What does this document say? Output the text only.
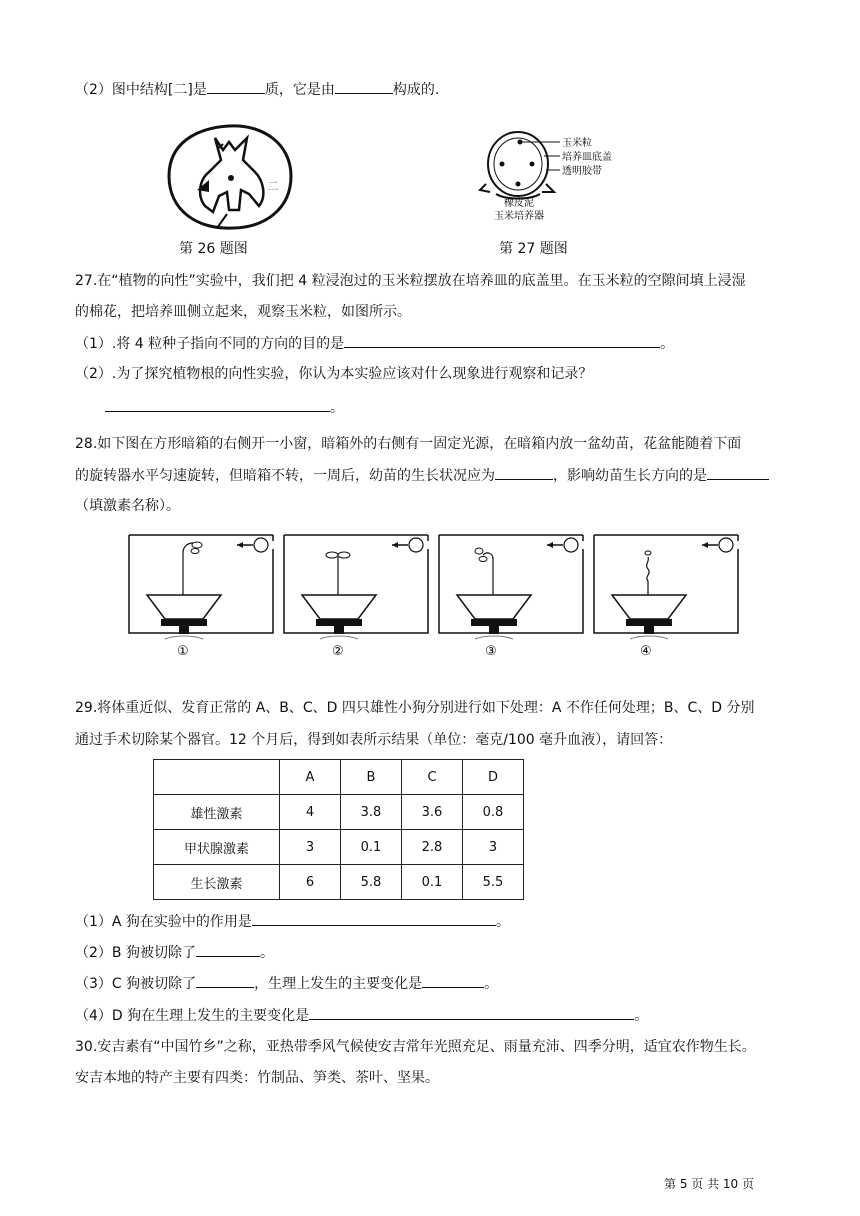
（2）图中结构[二]是	质，它是由	构成的.
二
第 26 题图
玉米粒
培养皿底盖
透明胶带
橡皮泥
玉米培养器
第 27 题图
27.在“植物的向性”实验中，我们把 4 粒浸泡过的玉米粒摆放在培养皿的底盖里。在玉米粒的空隙间填上浸湿
的棉花，把培养皿侧立起来，观察玉米粒，如图所示。
（1）.将 4 粒种子指向不同的方向的目的是	。
（2）.为了探究植物根的向性实验，你认为本实验应该对什么现象进行观察和记录？
。
28.如下图在方形暗箱的右侧开一小窗，暗箱外的右侧有一固定光源，在暗箱内放一盆幼苗，花盆能随着下面
的旋转器水平匀速旋转，但暗箱不转，一周后，幼苗的生长状况应为	，影响幼苗生长方向的是
（填激素名称）。
①	②	③	④
29.将体重近似、发育正常的 A、B、C、D 四只雄性小狗分别进行如下处理：A 不作任何处理；B、C、D 分别
通过手术切除某个器官。12 个月后，得到如表所示结果（单位：毫克/100 毫升血液），请回答：
	A	B	C	D
雄性激素	4	3.8	3.6	0.8
甲状腺激素	3	0.1	2.8	3
生长激素	6	5.8	0.1	5.5
（1）A 狗在实验中的作用是	。
（2）B 狗被切除了	。
（3）C 狗被切除了	，生理上发生的主要变化是	。
（4）D 狗在生理上发生的主要变化是	。
30.安吉素有“中国竹乡”之称，亚热带季风气候使安吉常年光照充足、雨量充沛、四季分明，适宜农作物生长。
安吉本地的特产主要有四类：竹制品、笋类、茶叶、坚果。
第 5 页 共 10 页
